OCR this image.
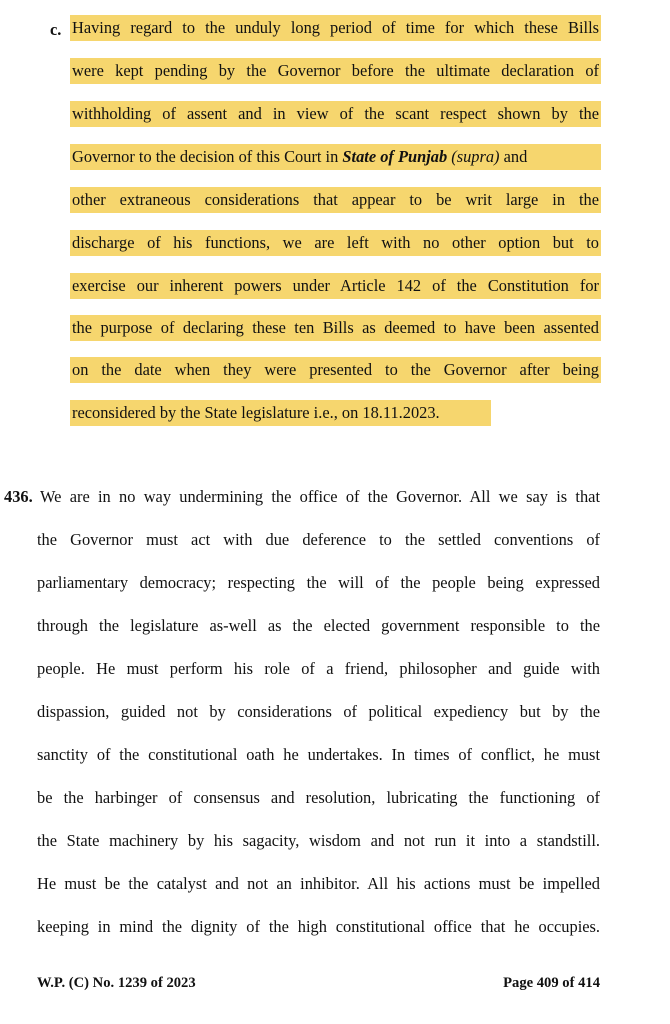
c. Having regard to the unduly long period of time for which these Bills
were kept pending by the Governor before the ultimate declaration of
withholding of assent and in view of the scant respect shown by the
Governor to the decision of this Court in State of Punjab (supra) and
other extraneous considerations that appear to be writ large in the
discharge of his functions, we are left with no other option but to
exercise our inherent powers under Article 142 of the Constitution for
the purpose of declaring these ten Bills as deemed to have been assented
on the date when they were presented to the Governor after being
reconsidered by the State legislature i.e., on 18.11.2023.
436. We are in no way undermining the office of the Governor. All we say is that
the Governor must act with due deference to the settled conventions of
parliamentary democracy; respecting the will of the people being expressed
through the legislature as-well as the elected government responsible to the
people. He must perform his role of a friend, philosopher and guide with
dispassion, guided not by considerations of political expediency but by the
sanctity of the constitutional oath he undertakes. In times of conflict, he must
be the harbinger of consensus and resolution, lubricating the functioning of
the State machinery by his sagacity, wisdom and not run it into a standstill.
He must be the catalyst and not an inhibitor. All his actions must be impelled
keeping in mind the dignity of the high constitutional office that he occupies.
W.P. (C) No. 1239 of 2023	Page 409 of 414
